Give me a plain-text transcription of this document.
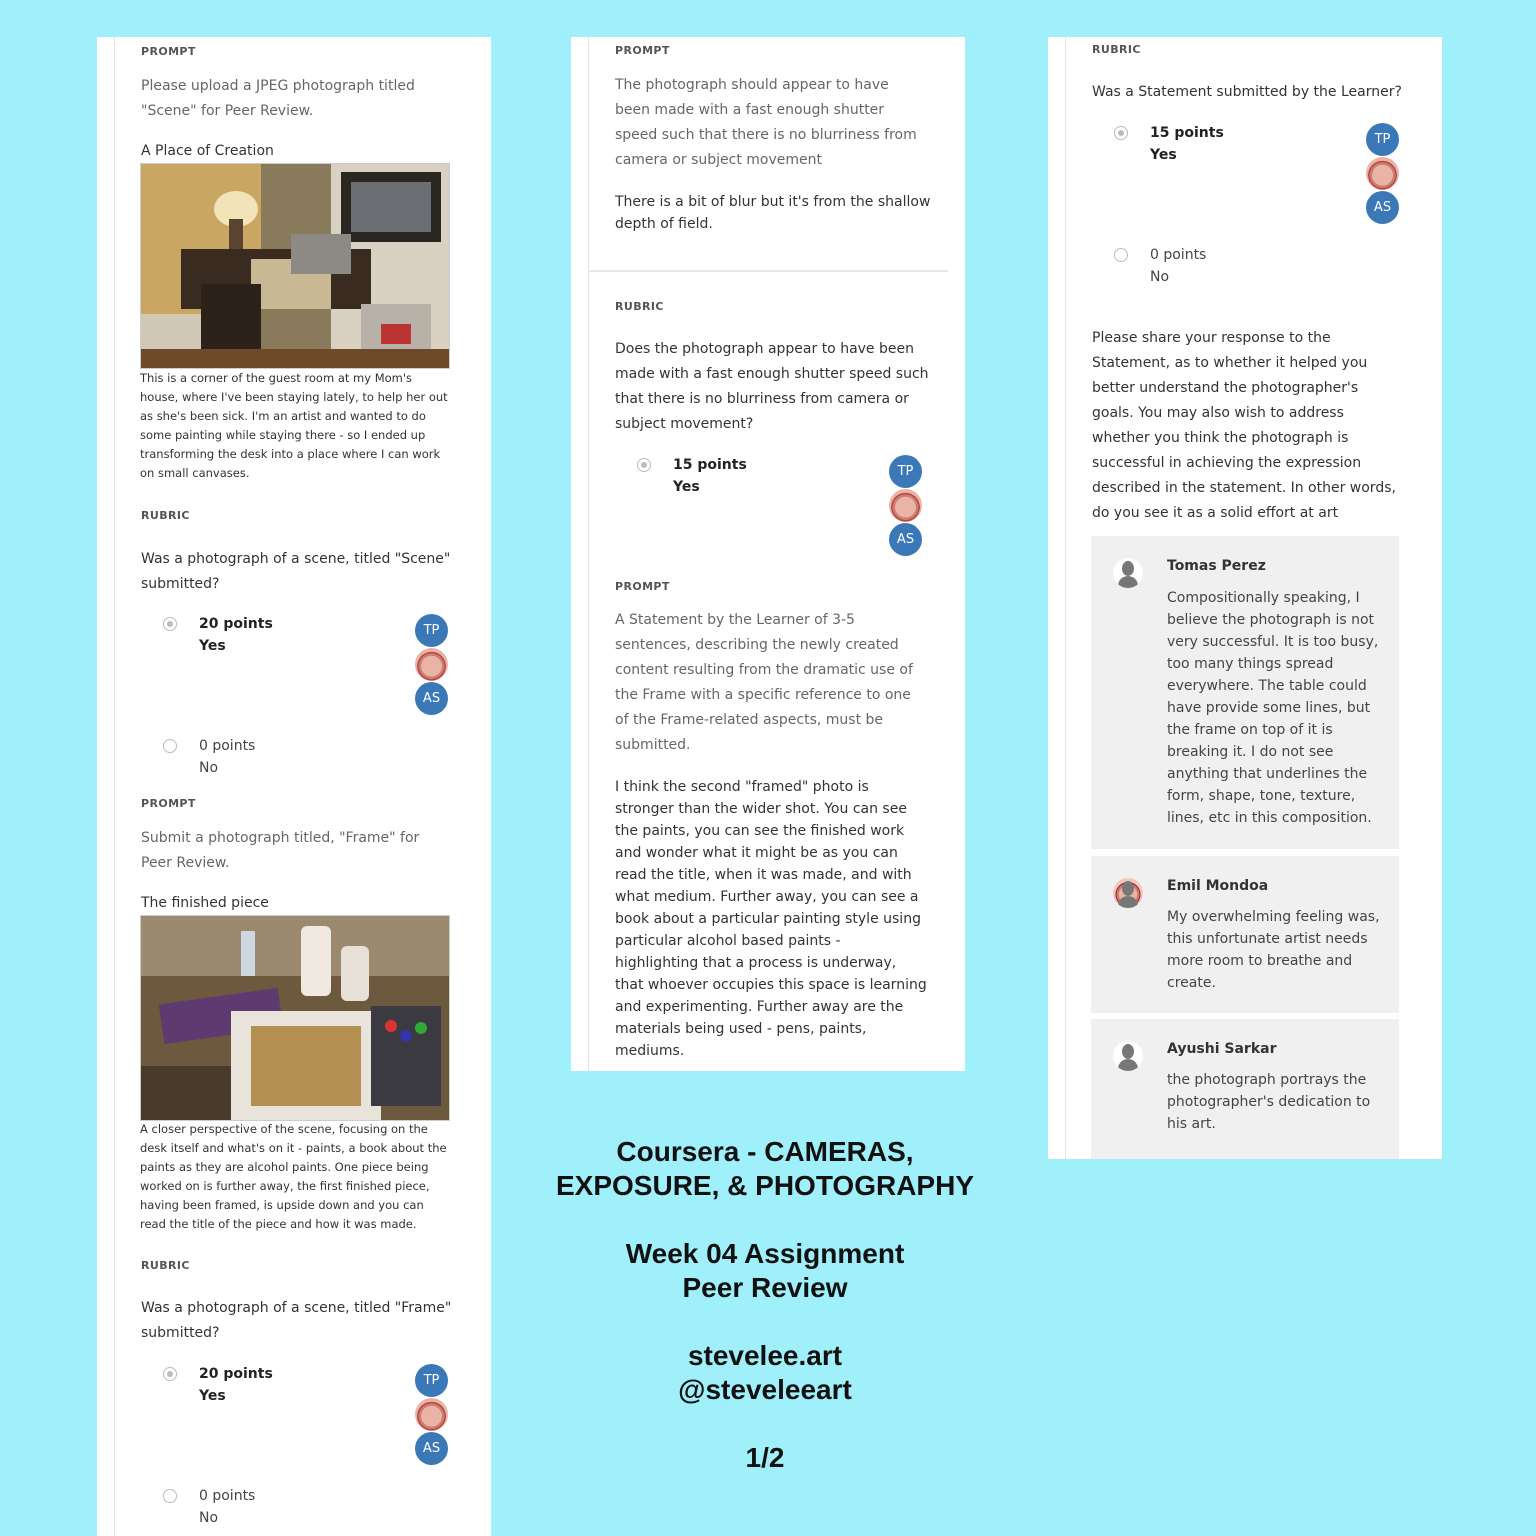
PROMPT
Please upload a JPEG photograph titled "Scene" for Peer Review.
A Place of Creation
This is a corner of the guest room at my Mom's house, where I've been staying lately, to help her out as she's been sick. I'm an artist and wanted to do some painting while staying there - so I ended up transforming the desk into a place where I can work on small canvases.
RUBRIC
Was a photograph of a scene, titled "Scene" submitted?
20 points
Yes
TP
AS
0 points
No
PROMPT
Submit a photograph titled, "Frame" for Peer Review.
The finished piece
A closer perspective of the scene, focusing on the desk itself and what's on it - paints, a book about the paints as they are alcohol paints. One piece being worked on is further away, the first finished piece, having been framed, is upside down and you can read the title of the piece and how it was made.
RUBRIC
Was a photograph of a scene, titled "Frame" submitted?
20 points
Yes
TP
AS
0 points
No
PROMPT
The photograph should appear to have been made with a fast enough shutter speed such that there is no blurriness from camera or subject movement
There is a bit of blur but it's from the shallow depth of field.
RUBRIC
Does the photograph appear to have been made with a fast enough shutter speed such that there is no blurriness from camera or subject movement?
15 points
Yes
TP
AS
PROMPT
A Statement by the Learner of 3-5 sentences, describing the newly created content resulting from the dramatic use of the Frame with a specific reference to one of the Frame-related aspects, must be submitted.
I think the second "framed" photo is stronger than the wider shot. You can see the paints, you can see the finished work and wonder what it might be as you can read the title, when it was made, and with what medium. Further away, you can see a book about a particular painting style using particular alcohol based paints - highlighting that a process is underway, that whoever occupies this space is learning and experimenting. Further away are the materials being used - pens, paints, mediums.
RUBRIC
Was a Statement submitted by the Learner?
15 points
Yes
TP
AS
0 points
No
Please share your response to the Statement, as to whether it helped you better understand the photographer's goals. You may also wish to address whether you think the photograph is successful in achieving the expression described in the statement. In other words, do you see it as a solid effort at art
Tomas Perez
Compositionally speaking, I believe the photograph is not very successful. It is too busy, too many things spread everywhere. The table could have provide some lines, but the frame on top of it is breaking it. I do not see anything that underlines the form, shape, tone, texture, lines, etc in this composition.
Emil Mondoa
My overwhelming feeling was, this unfortunate artist needs more room to breathe and create.
Ayushi Sarkar
the photograph portrays the photographer's dedication to his art.
Coursera - CAMERAS,
EXPOSURE, & PHOTOGRAPHY
Week 04 Assignment
Peer Review
stevelee.art
@steveleeart
1/2
